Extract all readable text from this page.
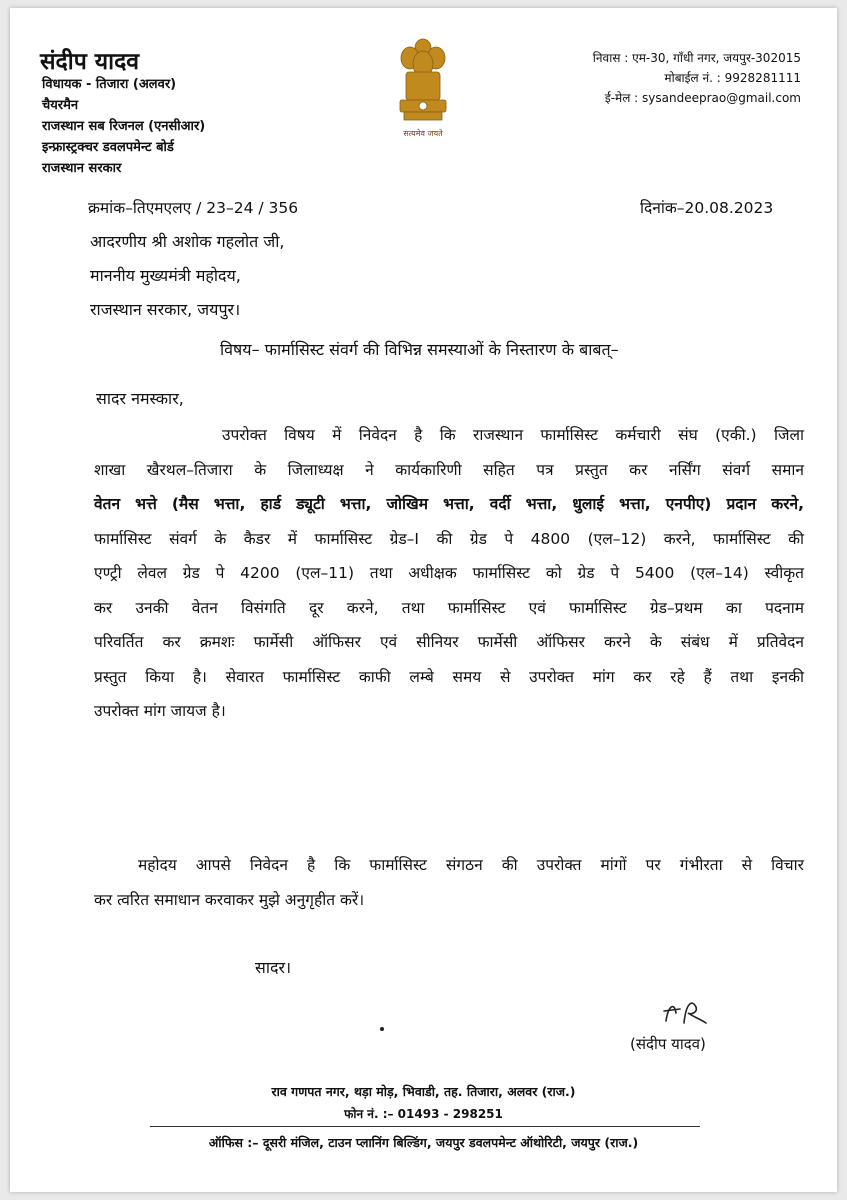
संदीप यादव
विधायक - तिजारा (अलवर)
चैयरमैन
राजस्थान सब रिजनल (एनसीआर)
इन्फ्रास्ट्रक्चर डवलपमेन्ट बोर्ड
राजस्थान सरकार
सत्यमेव जयते
निवास : एम-30, गाँधी नगर, जयपुर-302015
मोबाईल नं. : 9928281111
ई-मेल : sysandeeprao@gmail.com
क्रमांक–तिएमएलए / 23–24 / 356	दिनांक–20.08.2023
आदरणीय श्री अशोक गहलोत जी,
माननीय मुख्यमंत्री महोदय,
राजस्थान सरकार, जयपुर।
विषय– फार्मासिस्ट संवर्ग की विभिन्न समस्याओं के निस्तारण के बाबत्–
सादर नमस्कार,
उपरोक्त विषय में निवेदन है कि राजस्थान फार्मासिस्ट कर्मचारी संघ (एकी.) जिला
शाखा खैरथल–तिजारा के जिलाध्यक्ष ने कार्यकारिणी सहित पत्र प्रस्तुत कर नर्सिंग संवर्ग समान
वेतन भत्ते (मैस भत्ता, हार्ड ड्यूटी भत्ता, जोखिम भत्ता, वर्दी भत्ता, धुलाई भत्ता, एनपीए) प्रदान करने,
फार्मासिस्ट संवर्ग के कैडर में फार्मासिस्ट ग्रेड–I की ग्रेड पे 4800 (एल–12) करने, फार्मासिस्ट की
एण्ट्री लेवल ग्रेड पे 4200 (एल–11) तथा अधीक्षक फार्मासिस्ट को ग्रेड पे 5400 (एल–14) स्वीकृत
कर उनकी वेतन विसंगति दूर करने, तथा फार्मासिस्ट एवं फार्मासिस्ट ग्रेड–प्रथम का पदनाम
परिवर्तित कर क्रमशः फार्मेसी ऑफिसर एवं सीनियर फार्मेसी ऑफिसर करने के संबंध में प्रतिवेदन
प्रस्तुत किया है। सेवारत फार्मासिस्ट काफी लम्बे समय से उपरोक्त मांग कर रहे हैं तथा इनकी
उपरोक्त मांग जायज है।
महोदय आपसे निवेदन है कि फार्मासिस्ट संगठन की उपरोक्त मांगों पर गंभीरता से विचार
कर त्वरित समाधान करवाकर मुझे अनुगृहीत करें।
सादर।
(संदीप यादव)
राव गणपत नगर, थड़ा मोड़, भिवाडी, तह. तिजारा, अलवर (राज.)
फोन नं. :– 01493 - 298251
ऑफिस :– दूसरी मंजिल, टाउन प्लानिंग बिल्डिंग, जयपुर डवलपमेन्ट ऑथोरिटी, जयपुर (राज.)
